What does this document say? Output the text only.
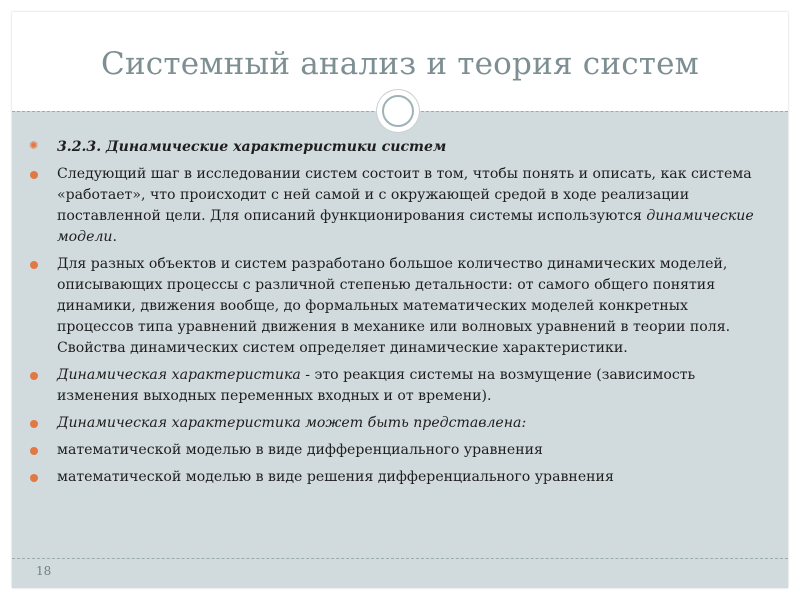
Системный анализ и теория систем
✺ 3.2.3. Динамические характеристики систем
Следующий шаг в исследовании систем состоит в том, чтобы понять и описать, как система «работает», что происходит с ней самой и с окружающей средой в ходе реализации поставленной цели. Для описаний функционирования системы используются динамические модели.
Для разных объектов и систем разработано большое количество динамических моделей, описывающих процессы с различной степенью детальности: от самого общего понятия динамики, движения вообще, до формальных математических моделей конкретных процессов типа уравнений движения в механике или волновых уравнений в теории поля. Свойства динамических систем определяет динамические характеристики.
Динамическая характеристика - это реакция системы на возмущение (зависимость изменения выходных переменных входных и от времени).
Динамическая характеристика может быть представлена:
математической моделью в виде дифференциального уравнения
математической моделью в виде решения дифференциального уравнения
18
